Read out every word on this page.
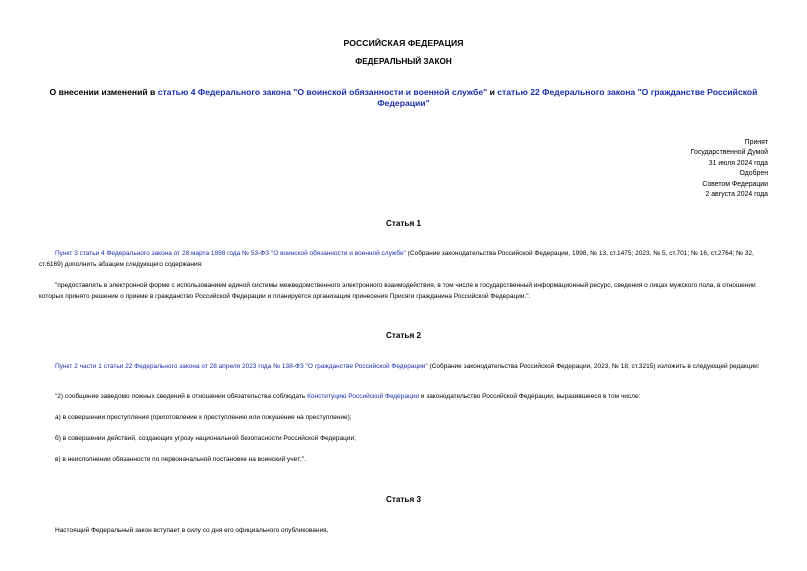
РОССИЙСКАЯ ФЕДЕРАЦИЯ
ФЕДЕРАЛЬНЫЙ ЗАКОН
О внесении изменений в статью 4 Федерального закона "О воинской обязанности и военной службе" и статью 22 Федерального закона "О гражданстве Российской Федерации"
Принят
Государственной Думой
31 июля 2024 года
Одобрен
Советом Федерации
2 августа 2024 года
Статья 1
Пункт 3 статьи 4 Федерального закона от 28 марта 1998 года № 53-ФЗ "О воинской обязанности и военной службе" (Собрание законодательства Российской Федерации, 1998, № 13, ст.1475; 2023, № 5, ст.701; № 16, ст.2764; № 32, ст.6169) дополнить абзацем следующего содержания:
"предоставлять в электронной форме с использованием единой системы межведомственного электронного взаимодействия, в том числе в государственный информационный ресурс, сведения о лицах мужского пола, в отношении которых принято решение о приеме в гражданство Российской Федерации и планируется организация принесения Присяги гражданина Российской Федерации.".
Статья 2
Пункт 2 части 1 статьи 22 Федерального закона от 28 апреля 2023 года № 138-ФЗ "О гражданстве Российской Федерации" (Собрание законодательства Российской Федерации, 2023, № 18, ст.3215) изложить в следующей редакции:
"2) сообщение заведомо ложных сведений в отношении обязательства соблюдать Конституцию Российской Федерации и законодательство Российской Федерации, выразившееся в том числе:
а) в совершении преступления (приготовление к преступлению или покушение на преступление);
б) в совершении действий, создающих угрозу национальной безопасности Российской Федерации;
в) в неисполнении обязанности по первоначальной постановке на воинский учет;".
Статья 3
Настоящий Федеральный закон вступает в силу со дня его официального опубликования.
